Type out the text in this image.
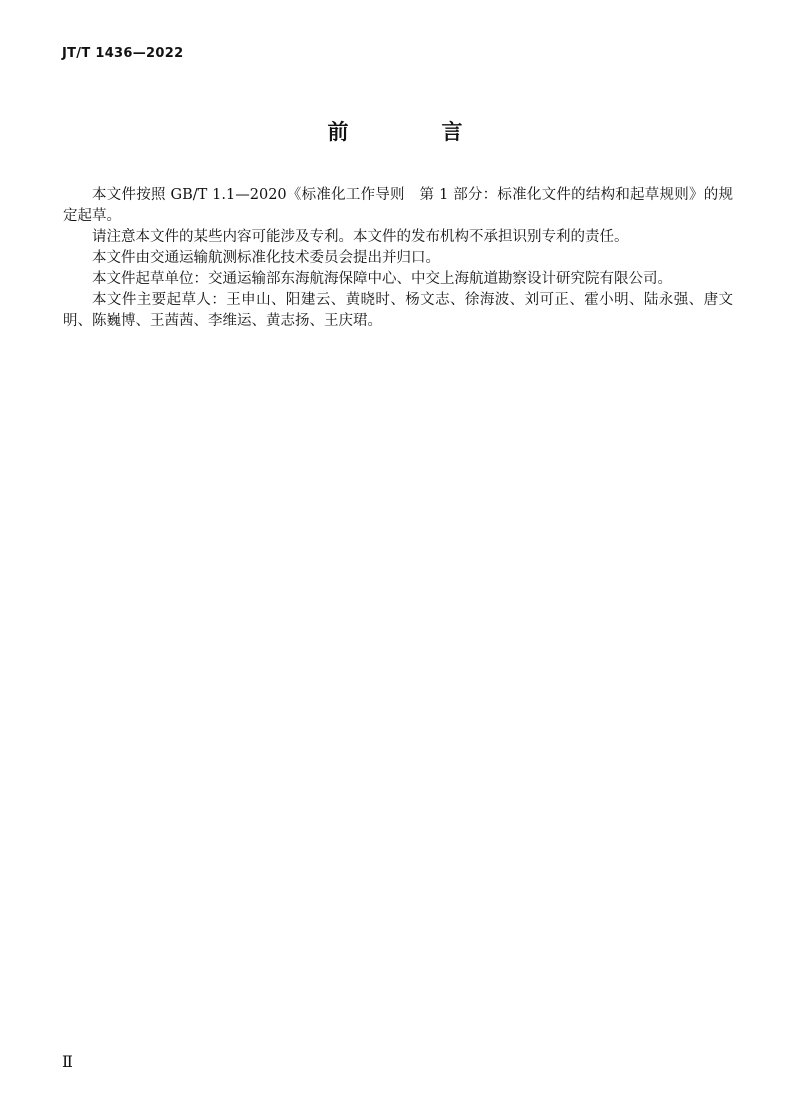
JT/T 1436—2022
前　言

本文件按照 GB/T 1.1—2020《标准化工作导则　第 1 部分：标准化文件的结构和起草规则》的规定起草。

请注意本文件的某些内容可能涉及专利。本文件的发布机构不承担识别专利的责任。

本文件由交通运输航测标准化技术委员会提出并归口。

本文件起草单位：交通运输部东海航海保障中心、中交上海航道勘察设计研究院有限公司。

本文件主要起草人：王申山、阳建云、黄晓时、杨文志、徐海波、刘可正、霍小明、陆永强、唐文明、陈巍博、王茜茜、李维运、黄志扬、王庆珺。

Ⅱ
